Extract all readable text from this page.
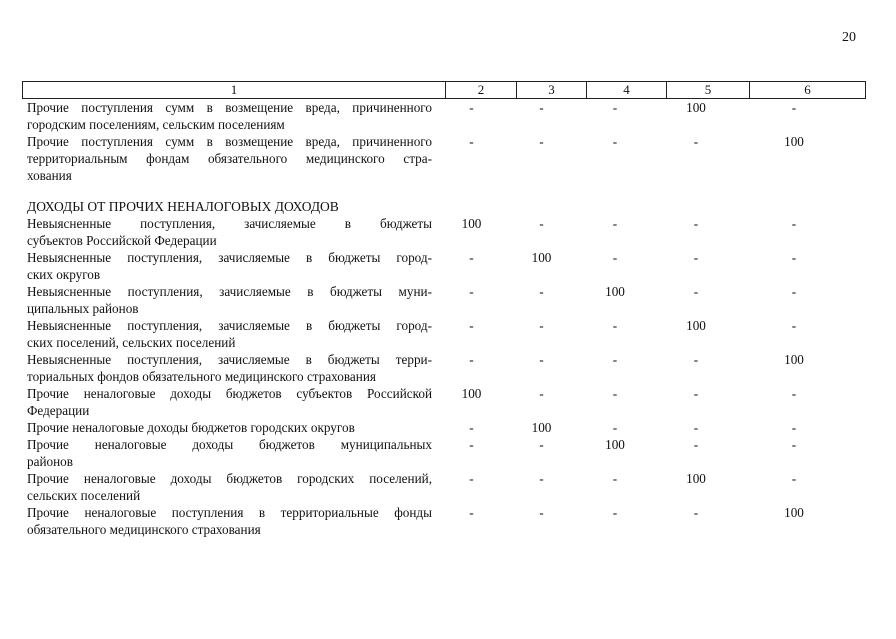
20
1	2	3	4	5	6
Прочие поступления сумм в возмещение вреда, причиненного
городским поселениям, сельским поселениям
-	-	-	100	-
Прочие поступления сумм в возмещение вреда, причиненного
территориальным фондам обязательного медицинского стра-
хования
-	-	-	-	100
ДОХОДЫ ОТ ПРОЧИХ НЕНАЛОГОВЫХ ДОХОДОВ
Невыясненные поступления, зачисляемые в бюджеты
субъектов Российской Федерации
100	-	-	-	-
Невыясненные поступления, зачисляемые в бюджеты город-
ских округов
-	100	-	-	-
Невыясненные поступления, зачисляемые в бюджеты муни-
ципальных районов
-	-	100	-	-
Невыясненные поступления, зачисляемые в бюджеты город-
ских поселений, сельских поселений
-	-	-	100	-
Невыясненные поступления, зачисляемые в бюджеты терри-
ториальных фондов обязательного медицинского страхования
-	-	-	-	100
Прочие неналоговые доходы бюджетов субъектов Российской
Федерации
100	-	-	-	-
Прочие неналоговые доходы бюджетов городских округов	-	100	-	-	-
Прочие неналоговые доходы бюджетов муниципальных
районов
-	-	100	-	-
Прочие неналоговые доходы бюджетов городских поселений,
сельских поселений
-	-	-	100	-
Прочие неналоговые поступления в территориальные фонды
обязательного медицинского страхования
-	-	-	-	100
